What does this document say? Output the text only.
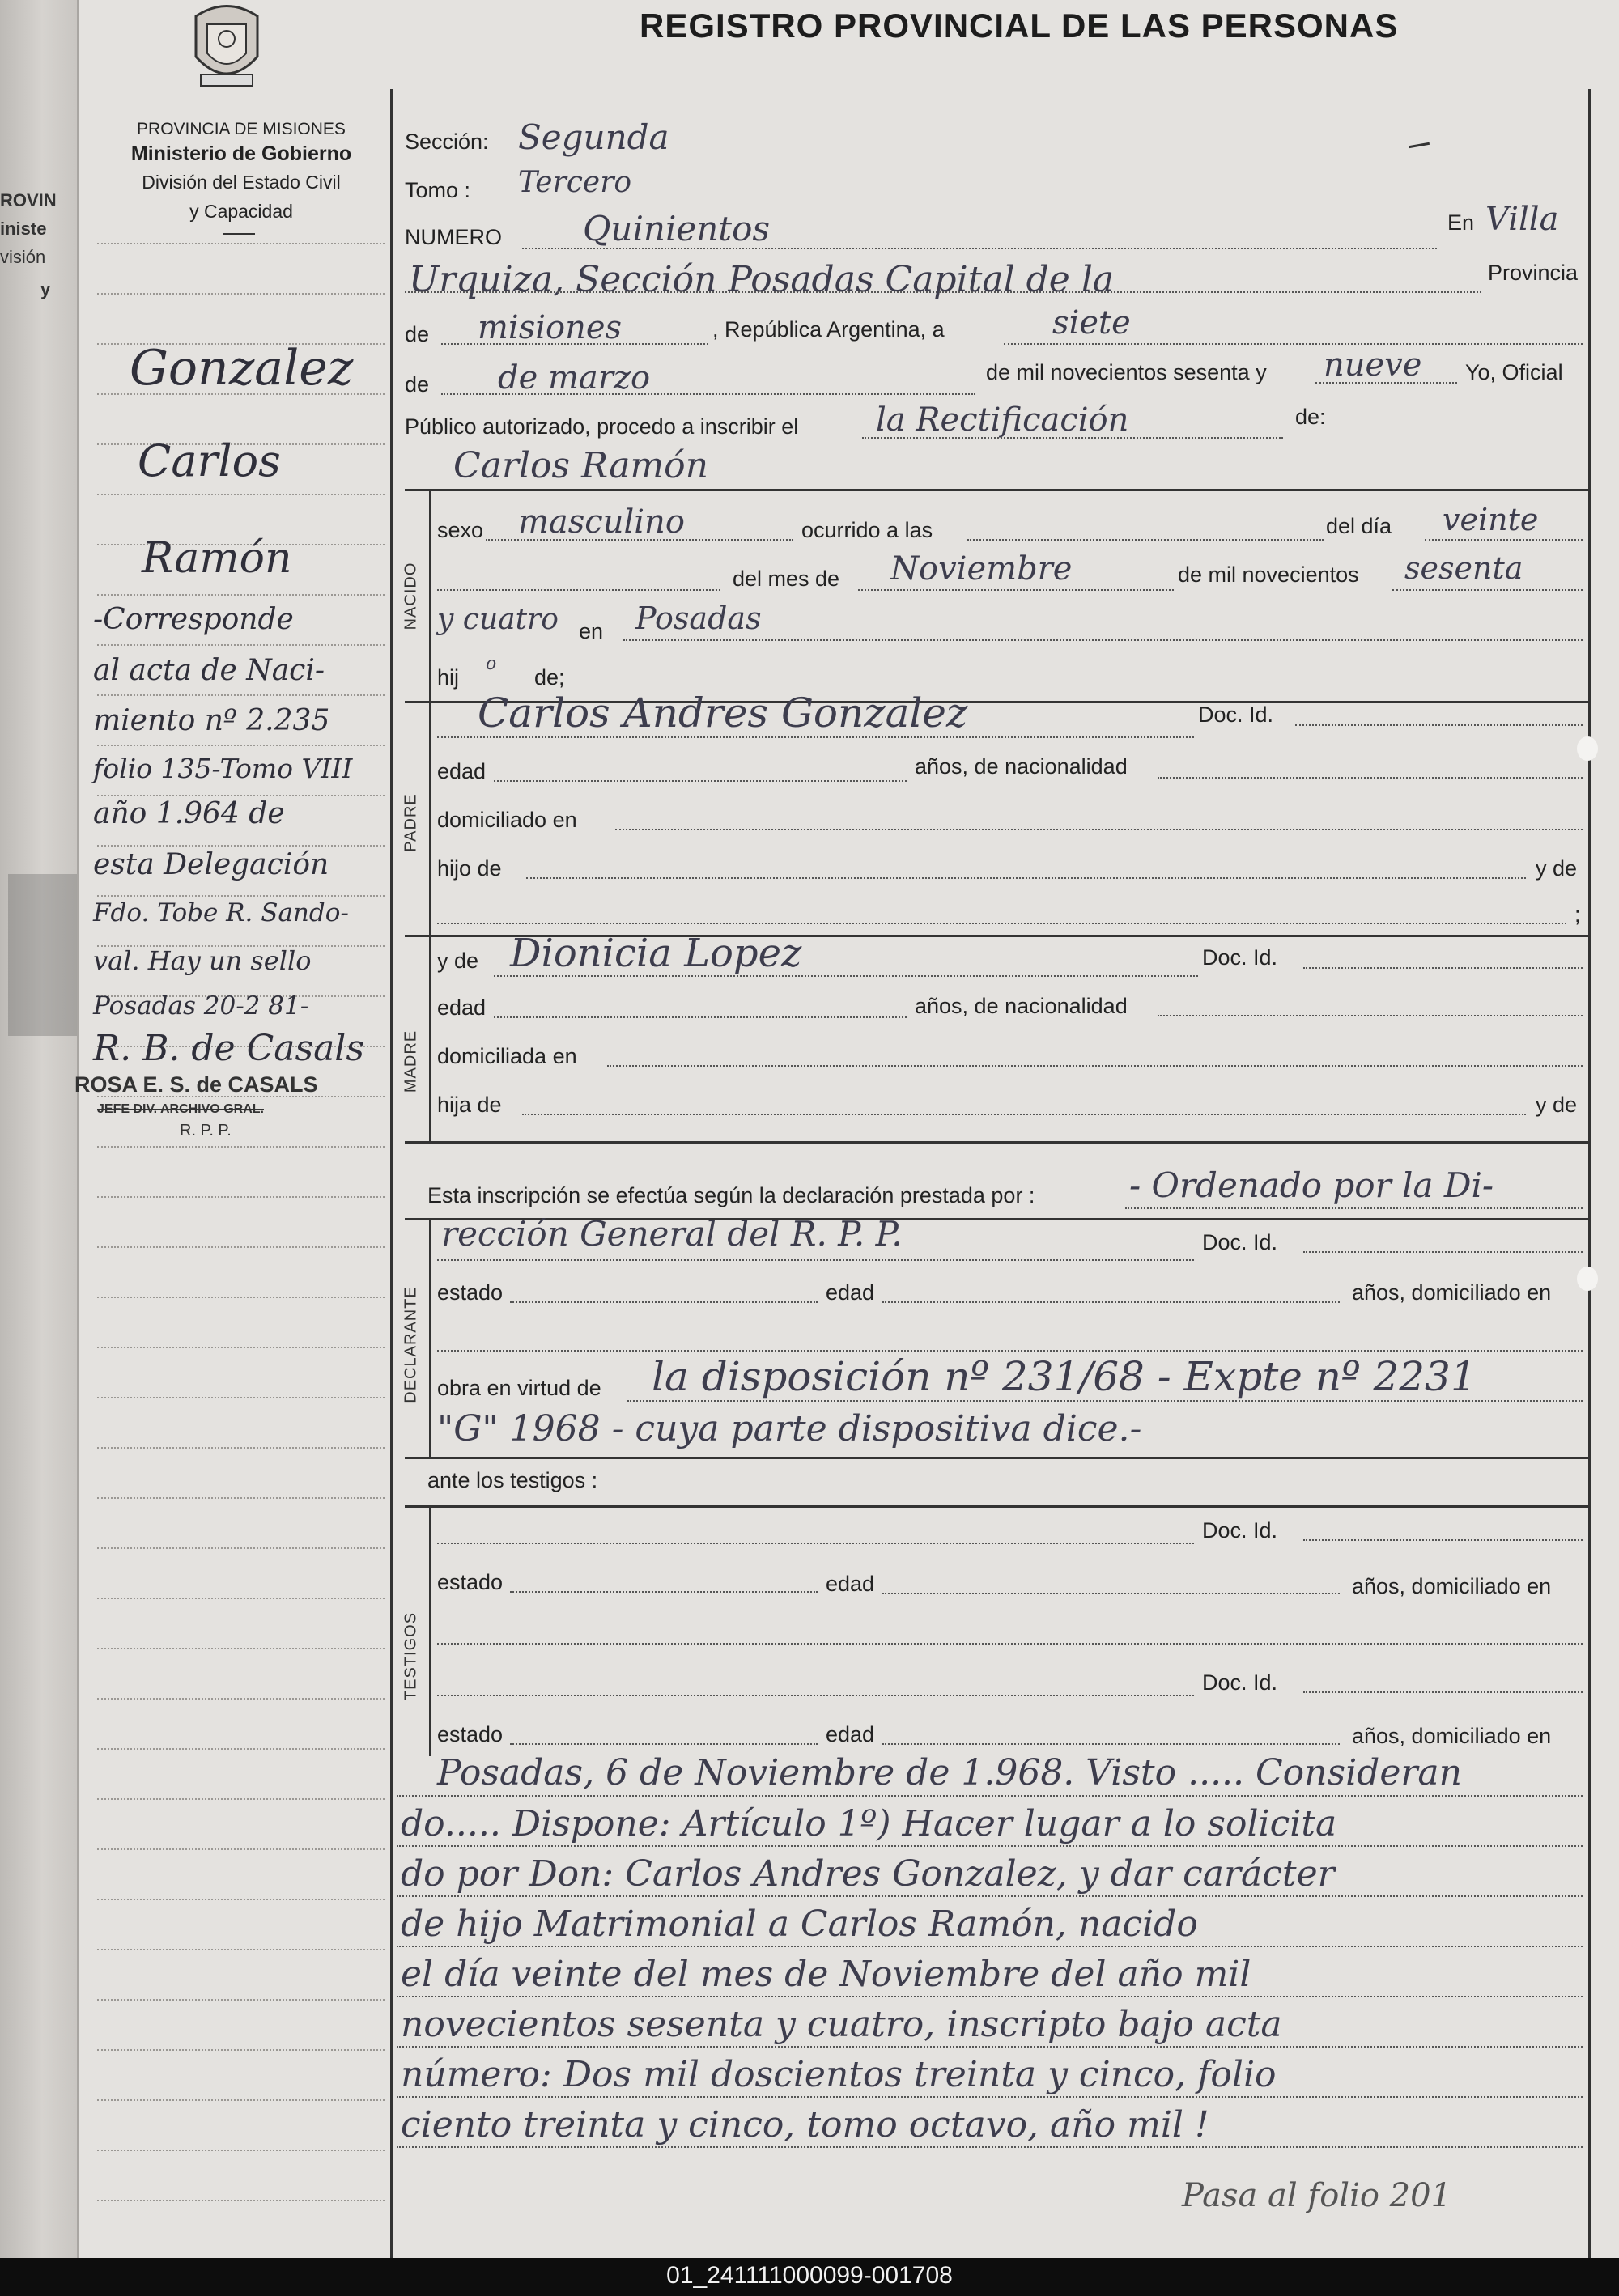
ROVIN
iniste
visión
y
REGISTRO PROVINCIAL DE LAS PERSONAS
PROVINCIA DE MISIONES
Ministerio de Gobierno
División del Estado Civil
y Capacidad
Gonzalez
Carlos
Ramón
-Corresponde
al acta de Naci-
miento nº 2.235
folio 135-Tomo VIII
año 1.964 de
esta Delegación
Fdo. Tobe R. Sando-
val. Hay un sello
Posadas 20-2 81-
R. B. de Casals
ROSA E. S. de CASALS
JEFE DIV. ARCHIVO GRAL.
R. P. P.
Sección: Segunda
Tomo : Tercero
NUMERO Quinientos	En Villa
Urquiza, Sección Posadas Capital de la	Provincia
de misiones	, República Argentina, a	siete
de de marzo	de mil novecientos sesenta y nueve Yo, Oficial
Público autorizado, procedo a inscribir el la Rectificación	de:
Carlos Ramón
NACIDO
sexo masculino	ocurrido a las	del día veinte
del mes de Noviembre	de mil novecientos sesenta
y cuatro en Posadas
hij
o
de;
PADRE
Carlos Andres Gonzalez	Doc. Id.
edad	años, de nacionalidad
domiciliado en
hijo de	y de
;
MADRE
y de Dionicia Lopez	Doc. Id.
edad	años, de nacionalidad
domiciliada en
hija de	y de
Esta inscripción se efectúa según la declaración prestada por :	- Ordenado por la Di-
DECLARANTE
rección General del R. P. P.	Doc. Id.
estado	edad	años, domiciliado en
obra en virtud de la disposición nº 231/68 - Expte nº 2231
"G" 1968 - cuya parte dispositiva dice.-
ante los testigos :
TESTIGOS
Doc. Id.
estado	edad	años, domiciliado en
Doc. Id.
estado	edad	años, domiciliado en
Posadas, 6 de Noviembre de 1.968. Visto ..... Consideran
do..... Dispone: Artículo 1º) Hacer lugar a lo solicita
do por Don: Carlos Andres Gonzalez, y dar carácter
de hijo Matrimonial a Carlos Ramón, nacido
el día veinte del mes de Noviembre del año mil
novecientos sesenta y cuatro, inscripto bajo acta
número: Dos mil doscientos treinta y cinco, folio
ciento treinta y cinco, tomo octavo, año mil !
Pasa al folio 201
01_241111000099-001708
